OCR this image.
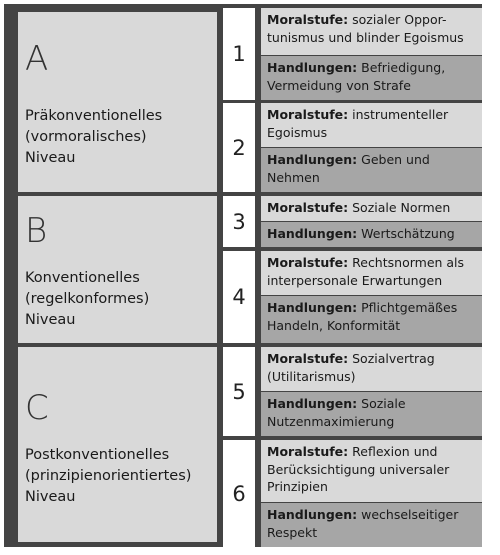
A
Präkonventionelles
(vormoralisches)
Niveau
B
Konventionelles
(regelkonformes)
Niveau
C
Postkonventionelles
(prinzipienorientiertes)
Niveau
1
Moralstufe: sozialer Oppor-
tunismus und blinder Egoismus
Handlungen: Befriedigung,
Vermeidung von Strafe
2
Moralstufe: instrumenteller
Egoismus
Handlungen: Geben und
Nehmen
3
Moralstufe: Soziale Normen
Handlungen: Wertschätzung
4
Moralstufe: Rechtsnormen als
interpersonale Erwartungen
Handlungen: Pflichtgemäßes
Handeln, Konformität
5
Moralstufe: Sozialvertrag
(Utilitarismus)
Handlungen: Soziale
Nutzenmaximierung
6
Moralstufe: Reflexion und
Berücksichtigung universaler
Prinzipien
Handlungen: wechselseitiger
Respekt
